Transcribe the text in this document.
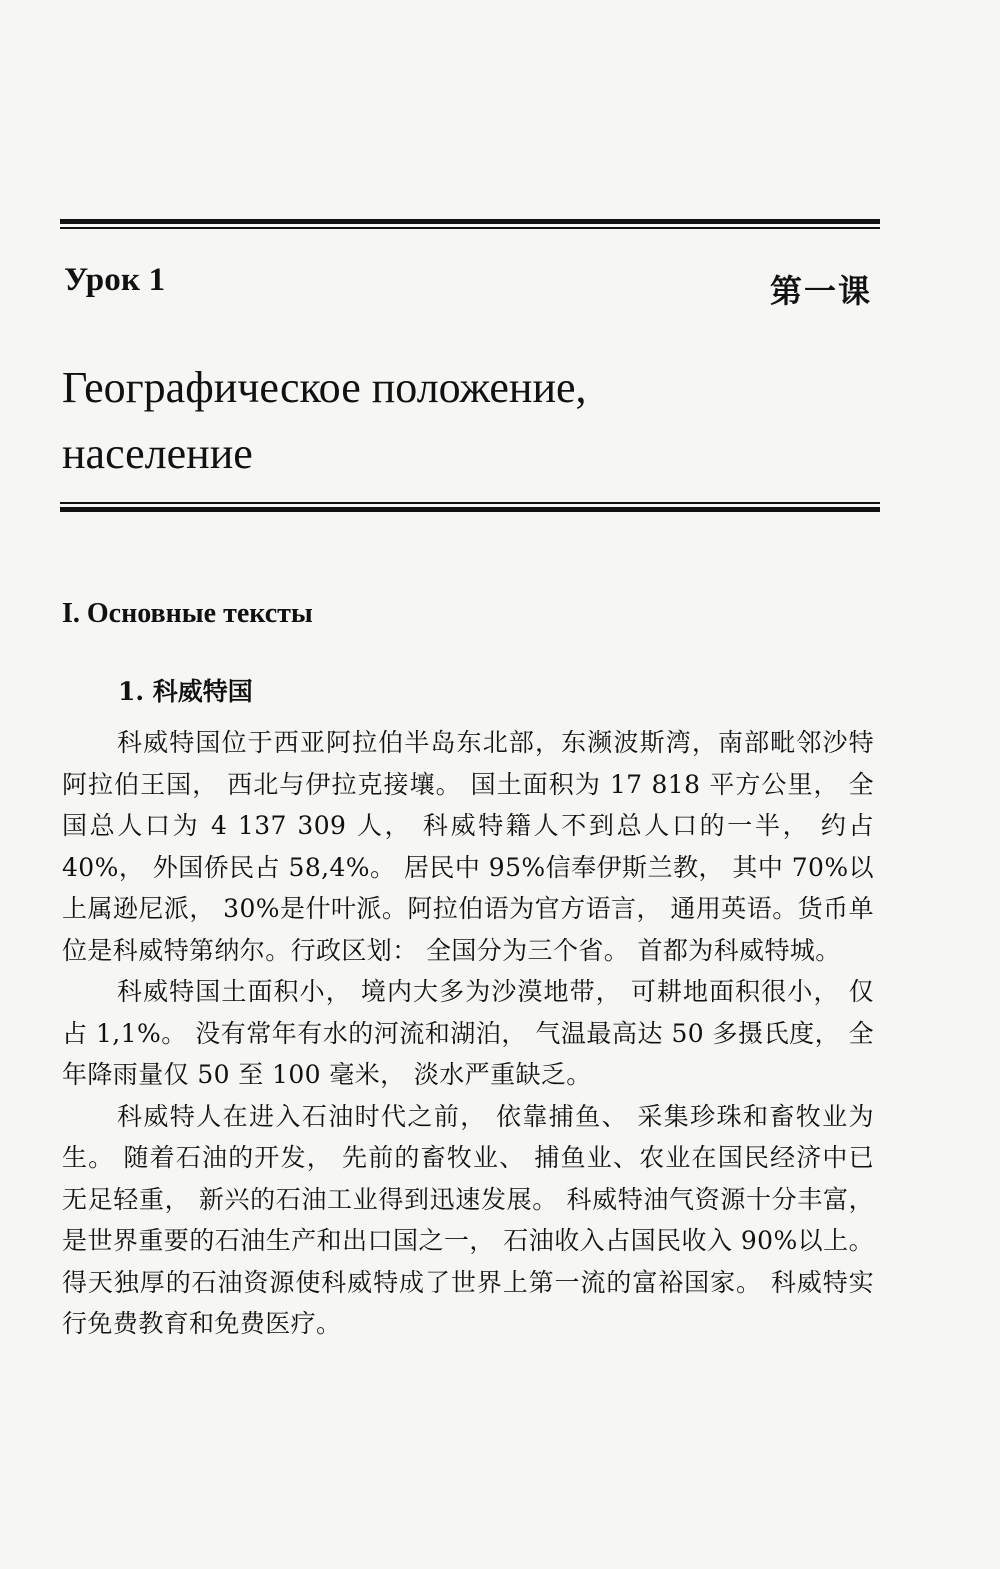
Урок 1	第一课
Географическое положение,
население
I. Основные тексты
1. 科威特国

科威特国位于西亚阿拉伯半岛东北部，东濒波斯湾，南部毗邻沙特阿拉伯王国， 西北与伊拉克接壤。 国土面积为 17 818 平方公里， 全国总人口为 4 137 309 人， 科威特籍人不到总人口的一半， 约占 40%， 外国侨民占 58,4%。 居民中 95%信奉伊斯兰教， 其中 70%以上属逊尼派， 30%是什叶派。阿拉伯语为官方语言， 通用英语。货币单位是科威特第纳尔。行政区划： 全国分为三个省。 首都为科威特城。

科威特国土面积小， 境内大多为沙漠地带， 可耕地面积很小， 仅占 1,1%。 没有常年有水的河流和湖泊， 气温最高达 50 多摄氏度， 全年降雨量仅 50 至 100 毫米， 淡水严重缺乏。

科威特人在进入石油时代之前， 依靠捕鱼、 采集珍珠和畜牧业为生。 随着石油的开发， 先前的畜牧业、 捕鱼业、农业在国民经济中已无足轻重， 新兴的石油工业得到迅速发展。 科威特油气资源十分丰富， 是世界重要的石油生产和出口国之一， 石油收入占国民收入 90%以上。 得天独厚的石油资源使科威特成了世界上第一流的富裕国家。 科威特实行免费教育和免费医疗。
